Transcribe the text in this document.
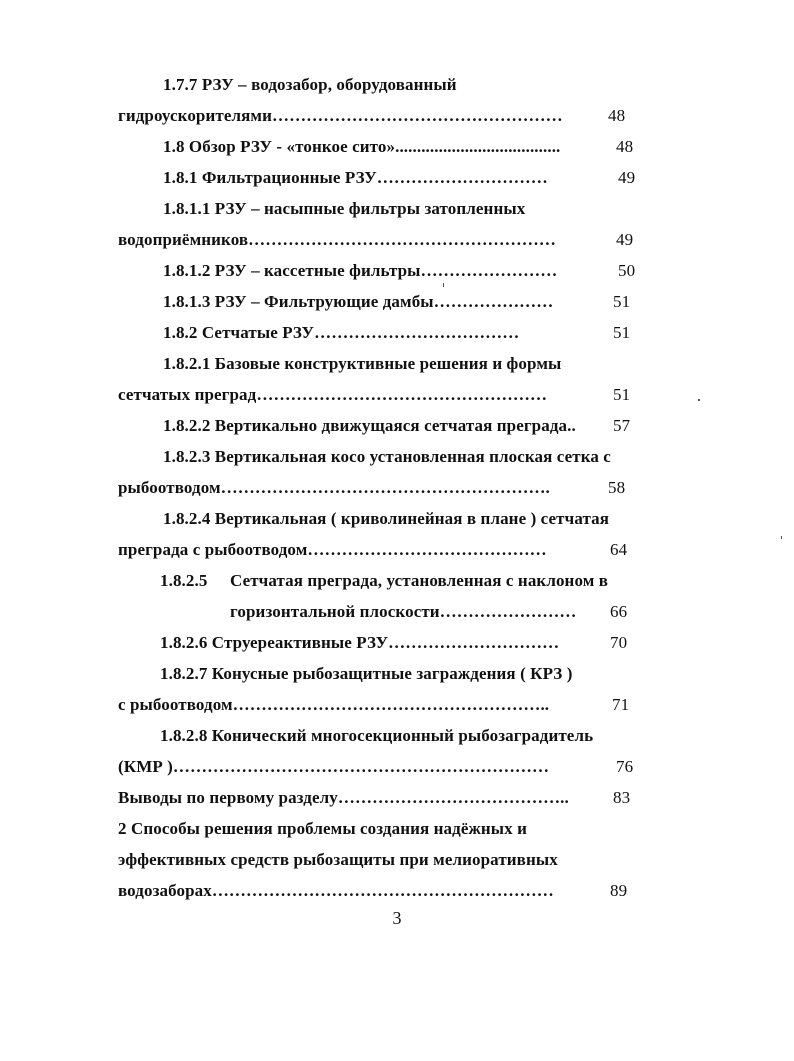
1.7.7 РЗУ – водозабор, оборудованный
гидроускорителями……………………………………………	48
1.8 Обзор РЗУ - «тонкое сито»......................................	48
1.8.1 Фильтрационные РЗУ…………………………	49
1.8.1.1 РЗУ – насыпные фильтры затопленных
водоприёмников………………………………………………	49
1.8.1.2 РЗУ – кассетные фильтры……………………	50
1.8.1.3 РЗУ – Фильтрующие дамбы…………………	51
1.8.2 Сетчатые РЗУ………………………………	51
1.8.2.1 Базовые конструктивные решения и формы
сетчатых преград……………………………………………	51
1.8.2.2 Вертикально движущаяся сетчатая преграда.. 57
1.8.2.3 Вертикальная косо установленная плоская сетка с
рыбоотводом………………………………………………….	58
1.8.2.4 Вертикальная ( криволинейная в плане ) сетчатая
преграда с рыбоотводом……………………………………	64
1.8.2.5 Сетчатая преграда, установленная с наклоном в
горизонтальной плоскости…………………… 66
1.8.2.6 Струереактивные РЗУ…………………………	70
1.8.2.7 Конусные рыбозащитные заграждения ( КРЗ )
с рыбоотводом………………………………………………..	71
1.8.2.8 Конический многосекционный рыбозаградитель
(КМР )…………………………………………………………	76
Выводы по первому разделу…………………………………..	83
2 Способы решения проблемы создания надёжных и
эффективных средств рыбозащиты при мелиоративных
водозаборах……………………………………………………	89
3
